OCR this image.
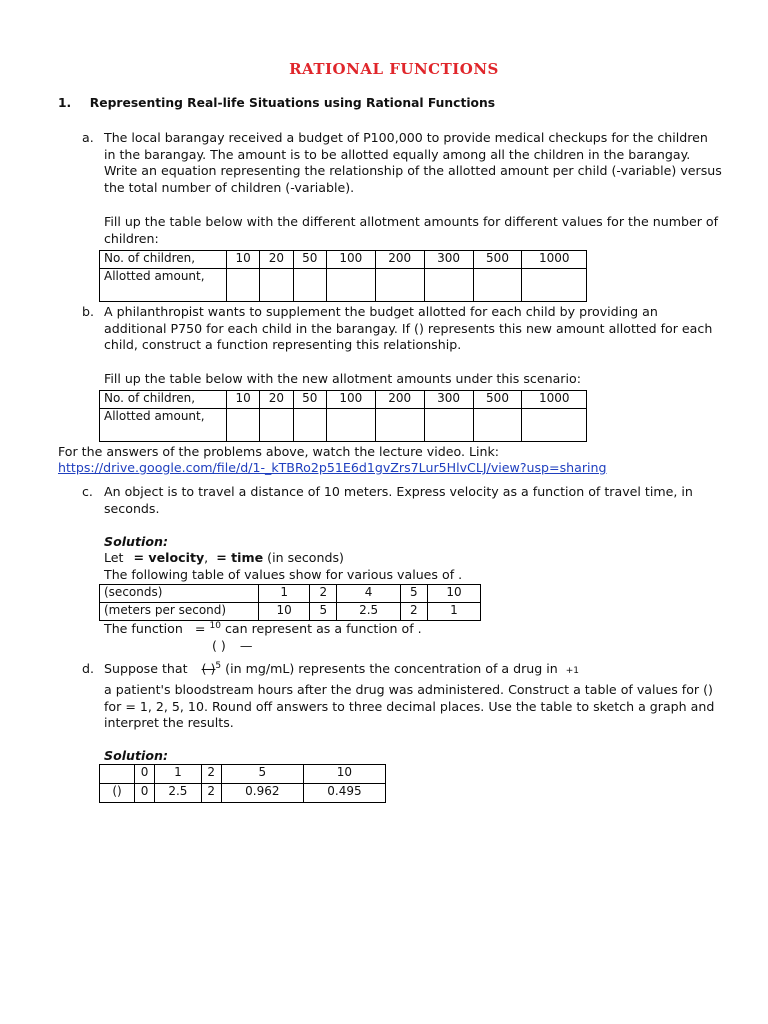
RATIONAL FUNCTIONS
1. Representing Real-life Situations using Rational Functions
a. The local barangay received a budget of P100,000 to provide medical checkups for the children
in the barangay. The amount is to be allotted equally among all the children in the barangay.
Write an equation representing the relationship of the allotted amount per child (-variable) versus
the total number of children (-variable).
Fill up the table below with the different allotment amounts for different values for the number of
children:
No. of children,	10	20	50	100	200	300	500	1000
Allotted amount,								
b. A philanthropist wants to supplement the budget allotted for each child by providing an
additional P750 for each child in the barangay. If () represents this new amount allotted for each
child, construct a function representing this relationship.
Fill up the table below with the new allotment amounts under this scenario:
No. of children,	10	20	50	100	200	300	500	1000
Allotted amount,								
For the answers of the problems above, watch the lecture video. Link:
https://drive.google.com/file/d/1-_kTBRo2p51E6d1gvZrs7Lur5HlvCLJ/view?usp=sharing
c. An object is to travel a distance of 10 meters. Express velocity as a function of travel time, in
seconds.
Solution:
Let = velocity, = time (in seconds)
The following table of values show for various values of .
(seconds)	1	2	4	5	10
(meters per second)	10	5	2.5	2	1
The function = $^{10}$ can represent as a function of .
( ) —
d. Suppose that ( )$^5$ (in mg/mL) represents the concentration of a drug in +1
a patient's bloodstream hours after the drug was administered. Construct a table of values for ()
for = 1, 2, 5, 10. Round off answers to three decimal places. Use the table to sketch a graph and
interpret the results.
Solution:
	0	1	2	5	10
()	0	2.5	2	0.962	0.495
